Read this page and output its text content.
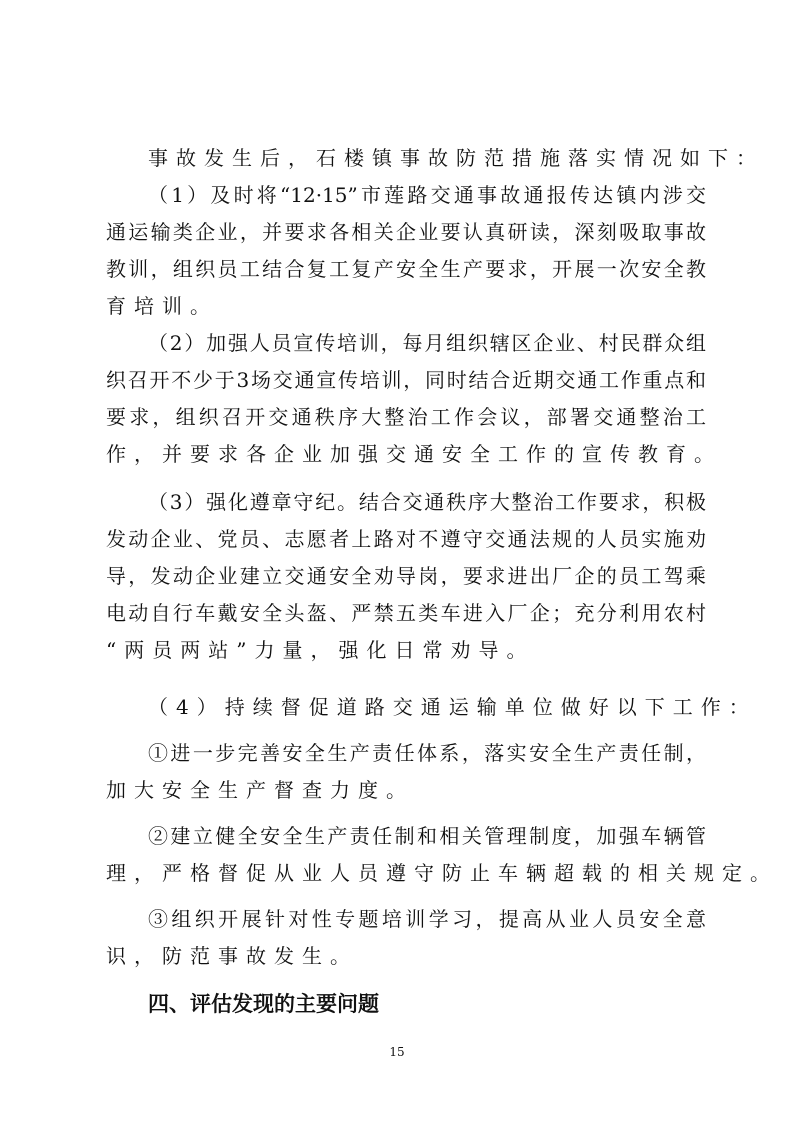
事故发生后，石楼镇事故防范措施落实情况如下：
（1）及时将“12·15”市莲路交通事故通报传达镇内涉交
通运输类企业，并要求各相关企业要认真研读，深刻吸取事故
教训，组织员工结合复工复产安全生产要求，开展一次安全教
育培训。
（2）加强人员宣传培训，每月组织辖区企业、村民群众组
织召开不少于3场交通宣传培训，同时结合近期交通工作重点和
要求，组织召开交通秩序大整治工作会议，部署交通整治工
作，并要求各企业加强交通安全工作的宣传教育。
（3）强化遵章守纪。结合交通秩序大整治工作要求，积极
发动企业、党员、志愿者上路对不遵守交通法规的人员实施劝
导，发动企业建立交通安全劝导岗，要求进出厂企的员工驾乘
电动自行车戴安全头盔、严禁五类车进入厂企；充分利用农村
“两员两站”力量，强化日常劝导。
（4）持续督促道路交通运输单位做好以下工作：
①进一步完善安全生产责任体系，落实安全生产责任制，
加大安全生产督查力度。
②建立健全安全生产责任制和相关管理制度，加强车辆管
理，严格督促从业人员遵守防止车辆超载的相关规定。
③组织开展针对性专题培训学习，提高从业人员安全意
识，防范事故发生。
四、评估发现的主要问题
15
